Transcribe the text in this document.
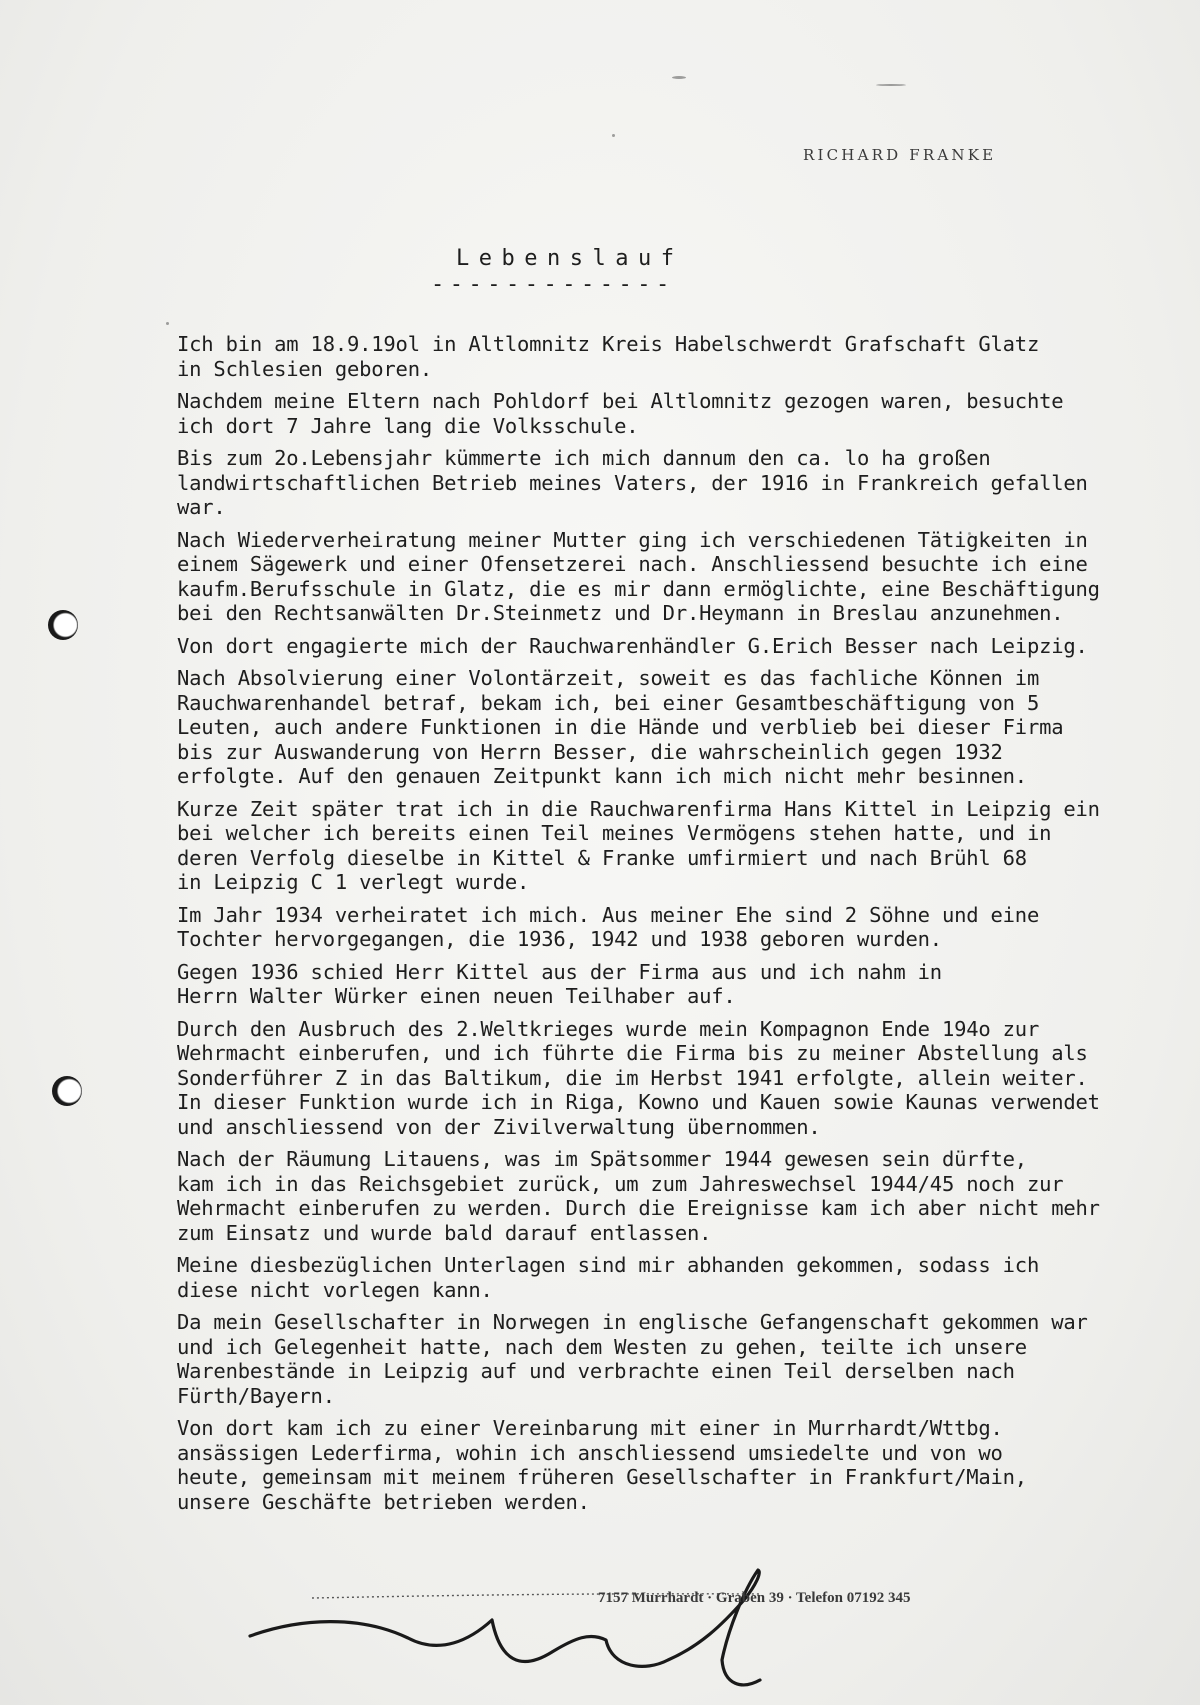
RICHARD FRANKE
Lebenslauf
-------------
Ich bin am 18.9.19ol in Altlomnitz Kreis Habelschwerdt Grafschaft Glatz
in Schlesien geboren.
Nachdem meine Eltern nach Pohldorf bei Altlomnitz gezogen waren, besuchte
ich dort 7 Jahre lang die Volksschule.
Bis zum 2o.Lebensjahr kümmerte ich mich dannum den ca. lo ha großen
landwirtschaftlichen Betrieb meines Vaters, der 1916 in Frankreich gefallen
war.
Nach Wiederverheiratung meiner Mutter ging ich verschiedenen Tätigkeiten in
einem Sägewerk und einer Ofensetzerei nach. Anschliessend besuchte ich eine
kaufm.Berufsschule in Glatz, die es mir dann ermöglichte, eine Beschäftigung
bei den Rechtsanwälten Dr.Steinmetz und Dr.Heymann in Breslau anzunehmen.
Von dort engagierte mich der Rauchwarenhändler G.Erich Besser nach Leipzig.
Nach Absolvierung einer Volontärzeit, soweit es das fachliche Können im
Rauchwarenhandel betraf, bekam ich, bei einer Gesamtbeschäftigung von 5
Leuten, auch andere Funktionen in die Hände und verblieb bei dieser Firma
bis zur Auswanderung von Herrn Besser, die wahrscheinlich gegen 1932
erfolgte. Auf den genauen Zeitpunkt kann ich mich nicht mehr besinnen.
Kurze Zeit später trat ich in die Rauchwarenfirma Hans Kittel in Leipzig ein
bei welcher ich bereits einen Teil meines Vermögens stehen hatte, und in
deren Verfolg dieselbe in Kittel & Franke umfirmiert und nach Brühl 68
in Leipzig C 1 verlegt wurde.
Im Jahr 1934 verheiratet ich mich. Aus meiner Ehe sind 2 Söhne und eine
Tochter hervorgegangen, die 1936, 1942 und 1938 geboren wurden.
Gegen 1936 schied Herr Kittel aus der Firma aus und ich nahm in
Herrn Walter Würker einen neuen Teilhaber auf.
Durch den Ausbruch des 2.Weltkrieges wurde mein Kompagnon Ende 194o zur
Wehrmacht einberufen, und ich führte die Firma bis zu meiner Abstellung als
Sonderführer Z in das Baltikum, die im Herbst 1941 erfolgte, allein weiter.
In dieser Funktion wurde ich in Riga, Kowno und Kauen sowie Kaunas verwendet
und anschliessend von der Zivilverwaltung übernommen.
Nach der Räumung Litauens, was im Spätsommer 1944 gewesen sein dürfte,
kam ich in das Reichsgebiet zurück, um zum Jahreswechsel 1944/45 noch zur
Wehrmacht einberufen zu werden. Durch die Ereignisse kam ich aber nicht mehr
zum Einsatz und wurde bald darauf entlassen.
Meine diesbezüglichen Unterlagen sind mir abhanden gekommen, sodass ich
diese nicht vorlegen kann.
Da mein Gesellschafter in Norwegen in englische Gefangenschaft gekommen war
und ich Gelegenheit hatte, nach dem Westen zu gehen, teilte ich unsere
Warenbestände in Leipzig auf und verbrachte einen Teil derselben nach
Fürth/Bayern.
Von dort kam ich zu einer Vereinbarung mit einer in Murrhardt/Wttbg.
ansässigen Lederfirma, wohin ich anschliessend umsiedelte und von wo
heute, gemeinsam mit meinem früheren Gesellschafter in Frankfurt/Main,
unsere Geschäfte betrieben werden.
7157 Murrhardt · Graben 39 · Telefon 07192 345
